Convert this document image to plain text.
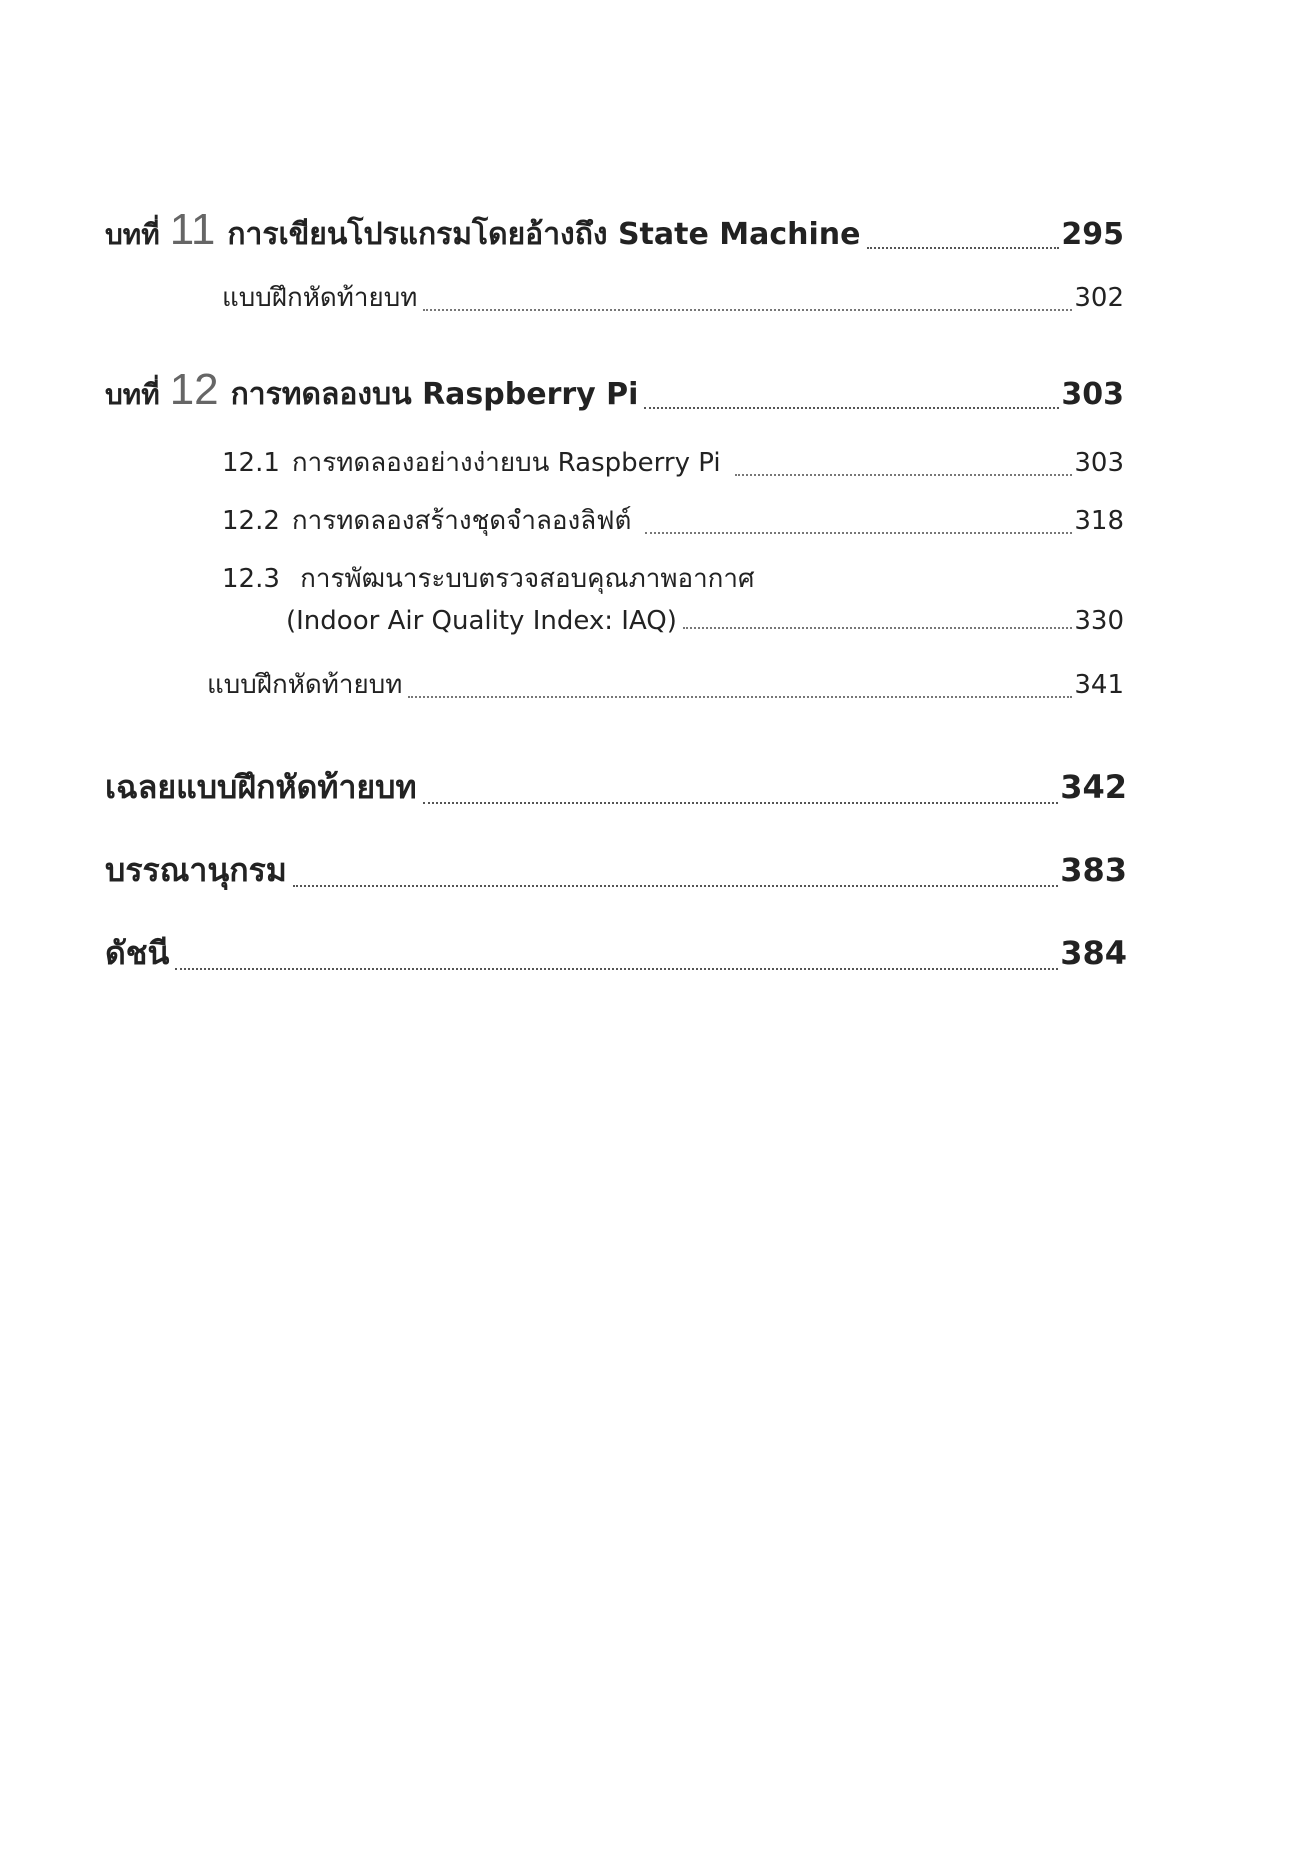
บทที่ 11 การเขียนโปรแกรมโดยอ้างถึง State Machine	295
แบบฝึกหัดท้ายบท	302
บทที่ 12 การทดลองบน Raspberry Pi	303
12.1 การทดลองอย่างง่ายบน Raspberry Pi	303
12.2 การทดลองสร้างชุดจำลองลิฟต์	318
12.3 การพัฒนาระบบตรวจสอบคุณภาพอากาศ
(Indoor Air Quality Index: IAQ)	330
แบบฝึกหัดท้ายบท	341
เฉลยแบบฝึกหัดท้ายบท	342
บรรณานุกรม	383
ดัชนี	384
